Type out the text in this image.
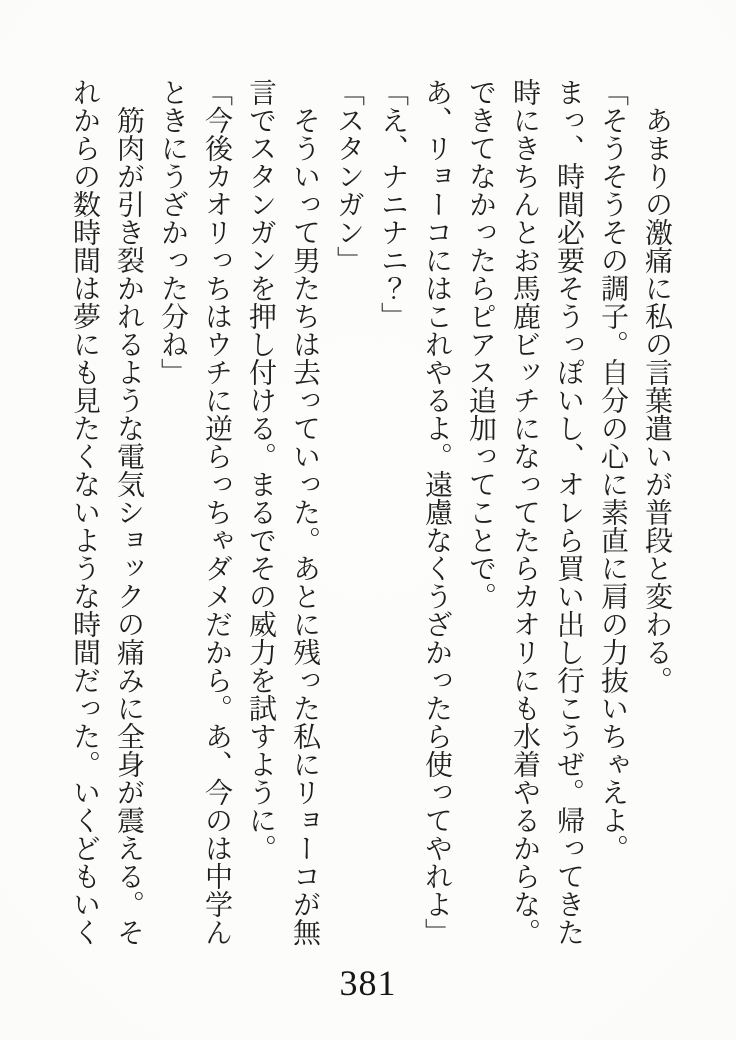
　あまりの激痛に私の言葉遣いが普段と変わる。
「そうそうその調子。自分の心に素直に肩の力抜いちゃえよ。
まっ、時間必要そうっぽいし、オレら買い出し行こうぜ。帰ってきた
時にきちんとお馬鹿ビッチになってたらカオリにも水着やるからな。
できてなかったらピアス追加ってことで。
あ、リョーコにはこれやるよ。遠慮なくうざかったら使ってやれよ」
「え、ナニナニ？」
「スタンガン」
　そういって男たちは去っていった。あとに残った私にリョーコが無
言でスタンガンを押し付ける。まるでその威力を試すように。
「今後カオリっちはウチに逆らっちゃダメだから。あ、今のは中学ん
ときにうざかった分ね」
　筋肉が引き裂かれるような電気ショックの痛みに全身が震える。そ
れからの数時間は夢にも見たくないような時間だった。いくどもいく
381
